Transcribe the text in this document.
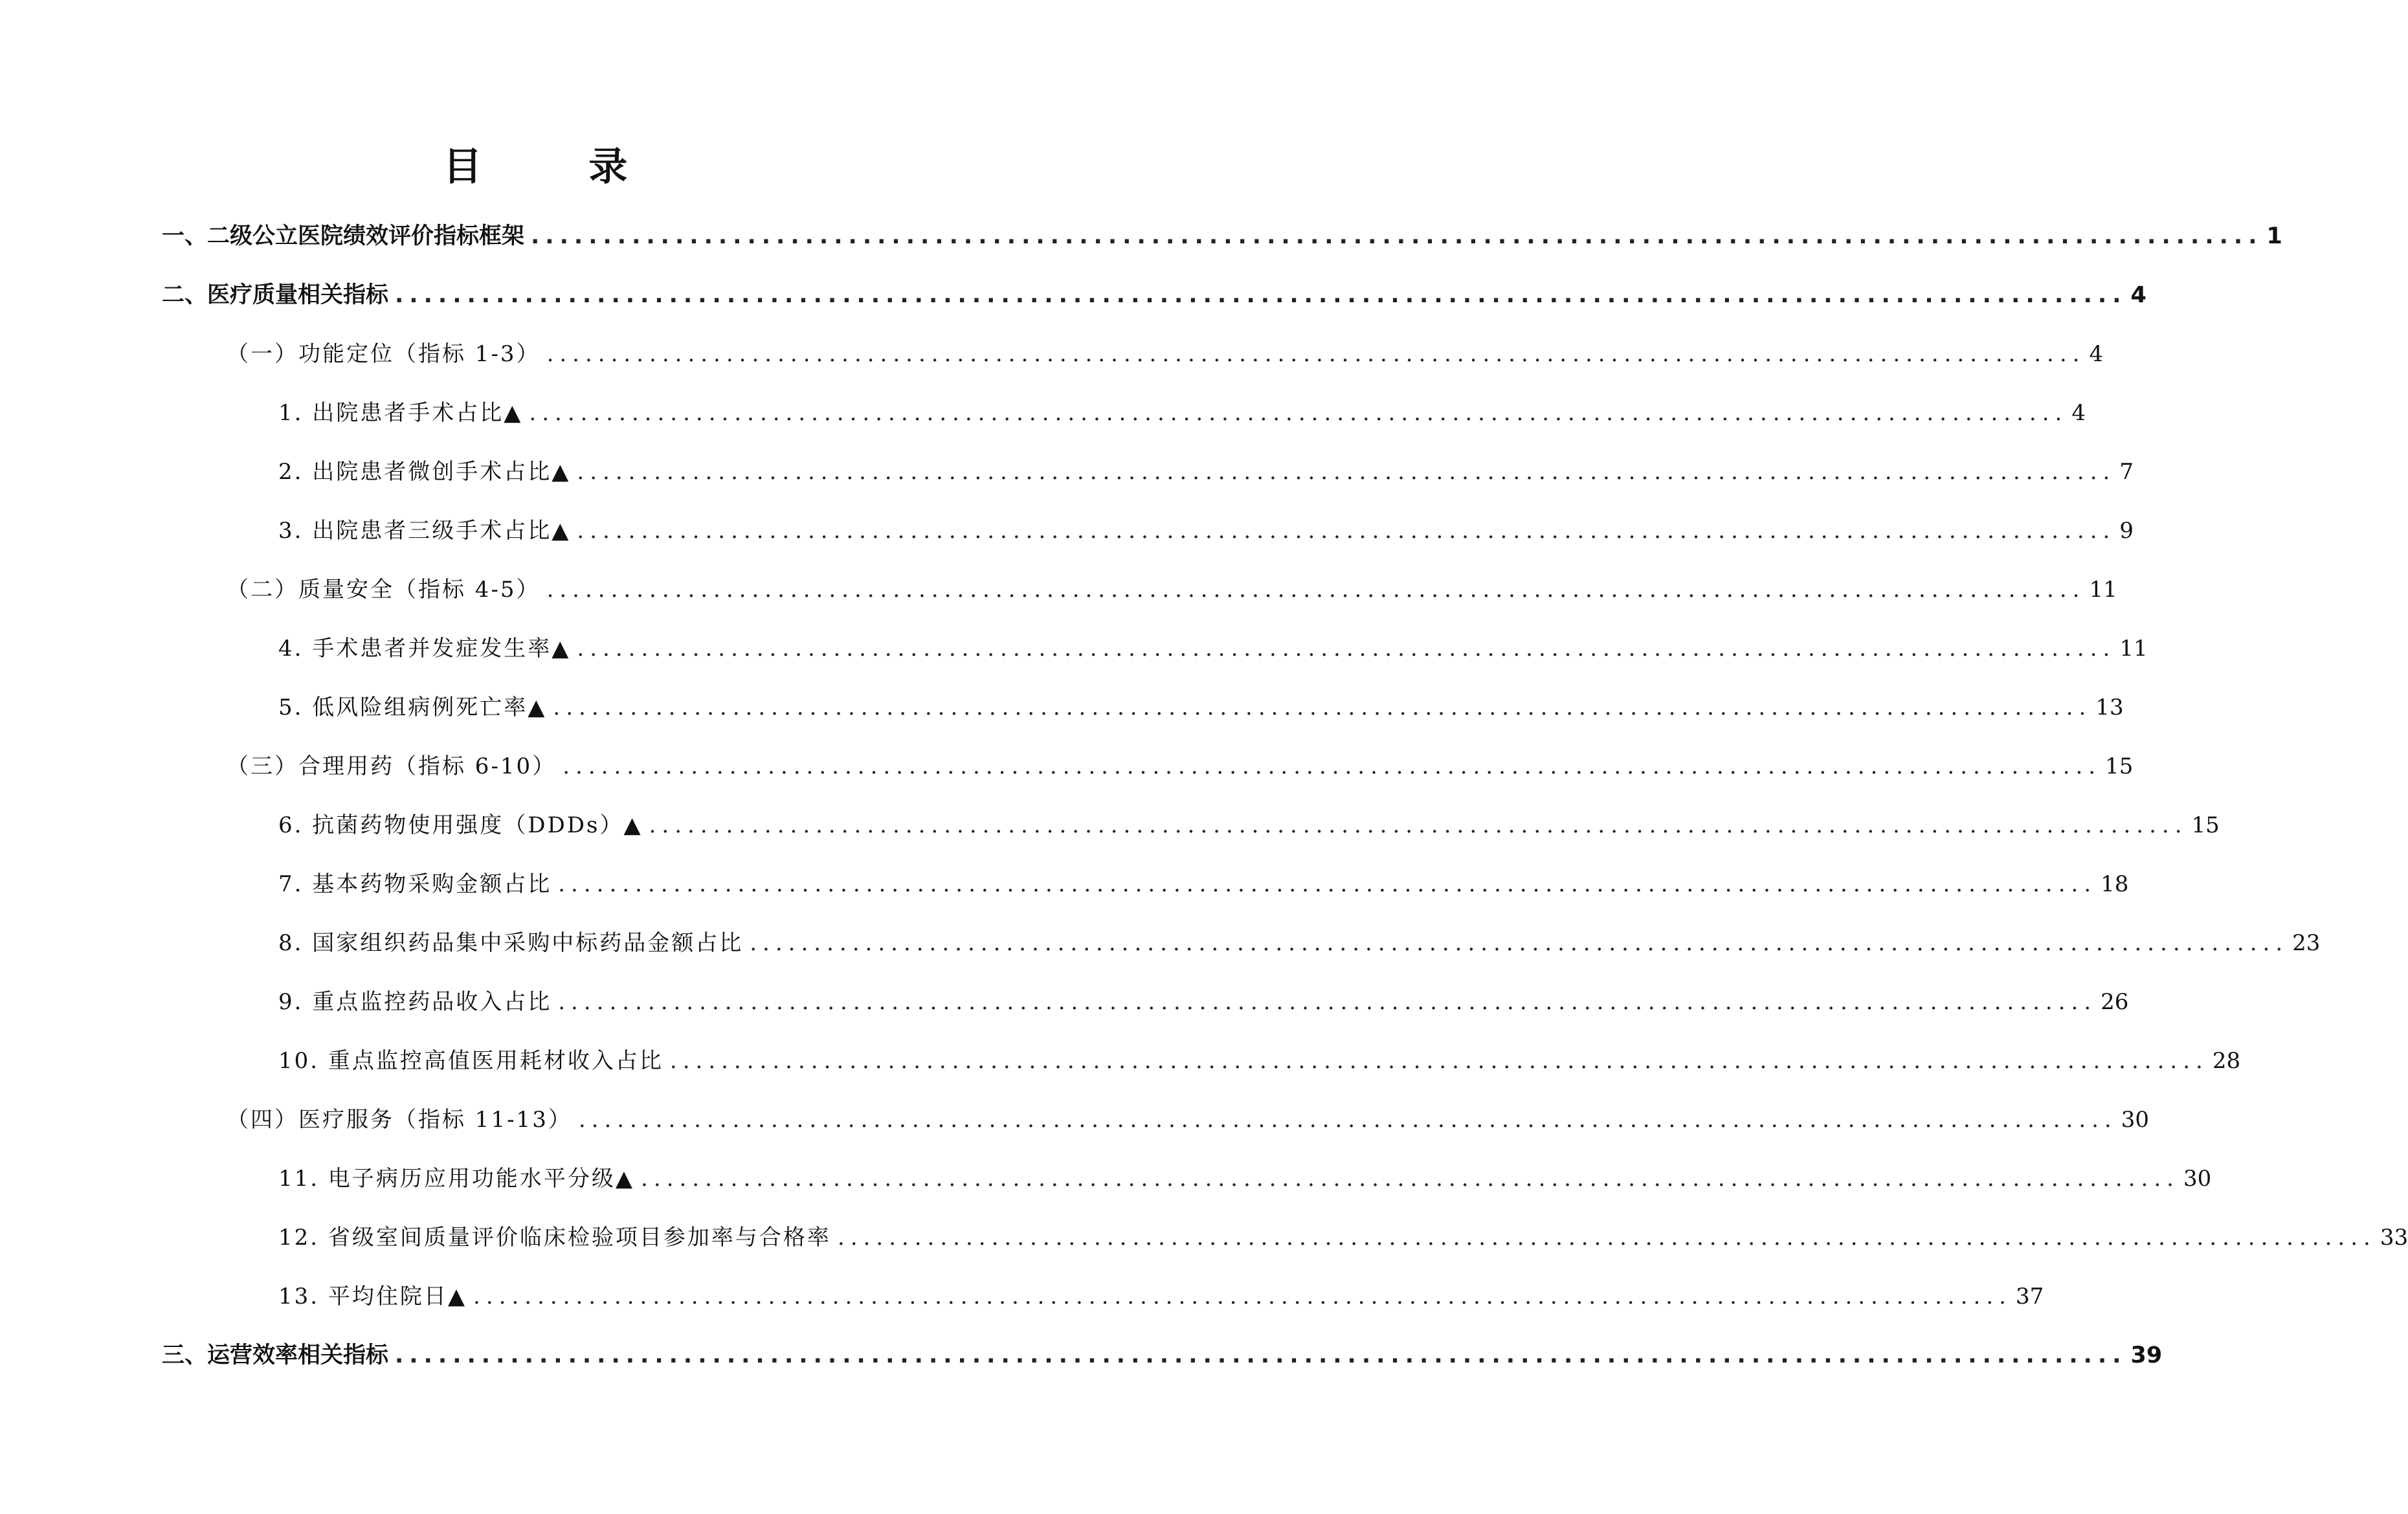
目 录
一、二级公立医院绩效评价指标框架 ........................................................................................................................ 1
二、医疗质量相关指标 ........................................................................................................................ 4
（一）功能定位（指标 1-3） ........................................................................................................................ 4
1. 出院患者手术占比▲ ........................................................................................................................ 4
2. 出院患者微创手术占比▲ ........................................................................................................................ 7
3. 出院患者三级手术占比▲ ........................................................................................................................ 9
（二）质量安全（指标 4-5） ........................................................................................................................ 11
4. 手术患者并发症发生率▲ ........................................................................................................................ 11
5. 低风险组病例死亡率▲ ........................................................................................................................ 13
（三）合理用药（指标 6-10） ........................................................................................................................ 15
6. 抗菌药物使用强度（DDDs）▲ ........................................................................................................................ 15
7. 基本药物采购金额占比 ........................................................................................................................ 18
8. 国家组织药品集中采购中标药品金额占比 ........................................................................................................................ 23
9. 重点监控药品收入占比 ........................................................................................................................ 26
10. 重点监控高值医用耗材收入占比 ........................................................................................................................ 28
（四）医疗服务（指标 11-13） ........................................................................................................................ 30
11. 电子病历应用功能水平分级▲ ........................................................................................................................ 30
12. 省级室间质量评价临床检验项目参加率与合格率 ........................................................................................................................ 33
13. 平均住院日▲ ........................................................................................................................ 37
三、运营效率相关指标 ........................................................................................................................ 39
